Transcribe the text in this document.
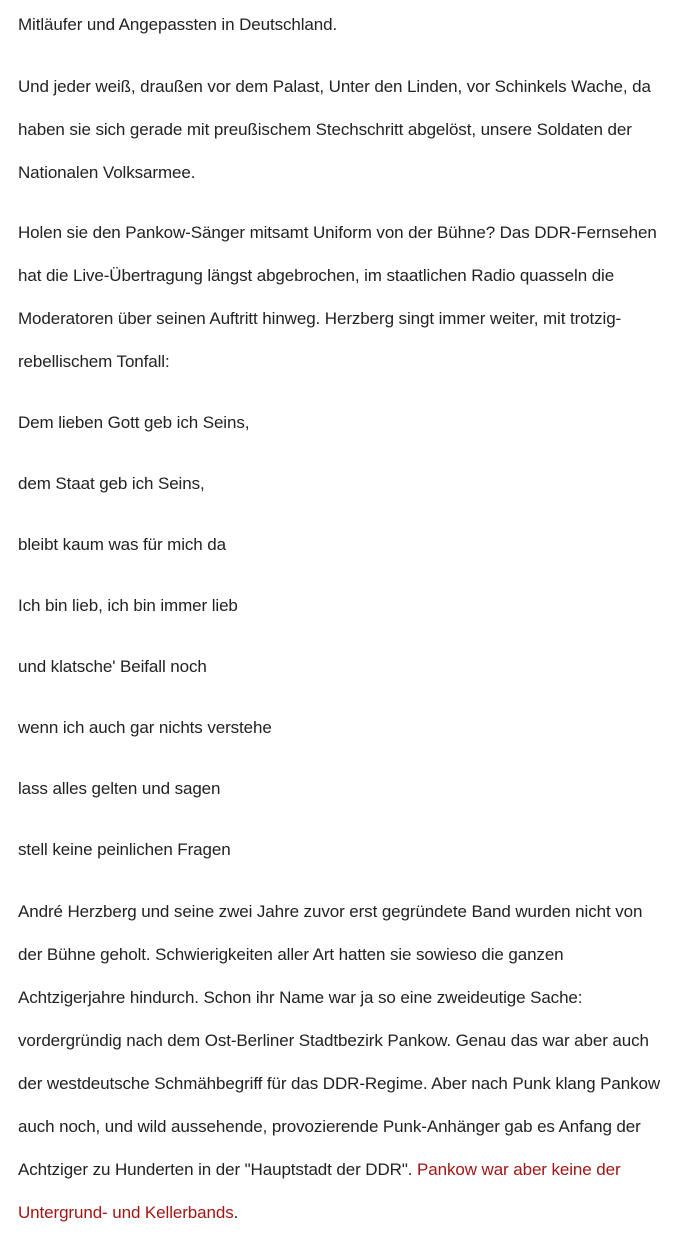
Mitläufer und Angepassten in Deutschland.

Und jeder weiß, draußen vor dem Palast, Unter den Linden, vor Schinkels Wache, da haben sie sich gerade mit preußischem Stechschritt abgelöst, unsere Soldaten der Nationalen Volksarmee.

Holen sie den Pankow-Sänger mitsamt Uniform von der Bühne? Das DDR-Fernsehen hat die Live-Übertragung längst abgebrochen, im staatlichen Radio quasseln die Moderatoren über seinen Auftritt hinweg. Herzberg singt immer weiter, mit trotzig-rebellischem Tonfall:

Dem lieben Gott geb ich Seins,

dem Staat geb ich Seins,

bleibt kaum was für mich da

Ich bin lieb, ich bin immer lieb

und klatsche' Beifall noch

wenn ich auch gar nichts verstehe

lass alles gelten und sagen

stell keine peinlichen Fragen

André Herzberg und seine zwei Jahre zuvor erst gegründete Band wurden nicht von der Bühne geholt. Schwierigkeiten aller Art hatten sie sowieso die ganzen Achtzigerjahre hindurch. Schon ihr Name war ja so eine zweideutige Sache: vordergründig nach dem Ost-Berliner Stadtbezirk Pankow. Genau das war aber auch der westdeutsche Schmähbegriff für das DDR-Regime. Aber nach Punk klang Pankow auch noch, und wild aussehende, provozierende Punk-Anhänger gab es Anfang der Achtziger zu Hunderten in der "Hauptstadt der DDR". Pankow war aber keine der Untergrund- und Kellerbands.
